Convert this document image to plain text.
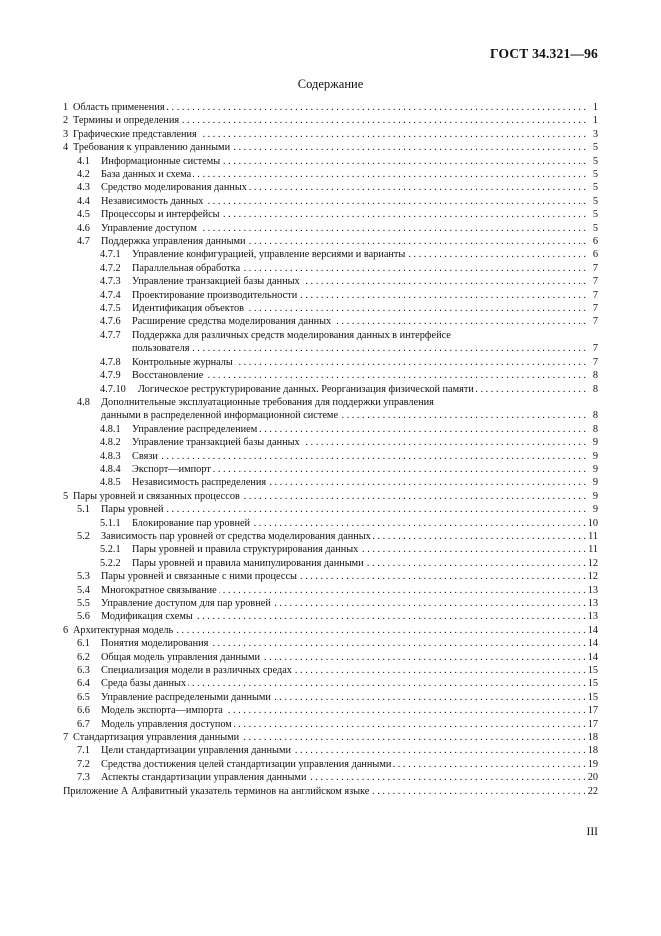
ГОСТ 34.321—96
Содержание
1 Область применения . . .	1
2 Термины и определения . . .	1
3 Графические представления . . .	3
4 Требования к управлению данными . . .	5
4.1	Информационные системы . . .	5
4.2	База данных и схема . . .	5
4.3	Средство моделирования данных . . .	5
4.4	Независимость данных . . .	5
4.5	Процессоры и интерфейсы . . .	5
4.6	Управление доступом . . .	5
4.7	Поддержка управления данными . . .	6
4.7.1	Управление конфигурацией, управление версиями и варианты . . .	6
4.7.2	Параллельная обработка . . .	7
4.7.3	Управление транзакцией базы данных . . .	7
4.7.4	Проектирование производительности . . .	7
4.7.5	Идентификация объектов . . .	7
4.7.6	Расширение средства моделирования данных . . .	7
4.7.7	Поддержка для различных средств моделирования данных в интерфейсе
пользователя . . .	7
4.7.8	Контрольные журналы . . .	7
4.7.9	Восстановление . . .	8
4.7.10	Логическое реструктурирование данных. Реорганизация физической памяти . . .	8
4.8	Дополнительные эксплуатационные требования для поддержки управления
данными в распределенной информационной системе . . .	8
4.8.1	Управление распределением . . .	8
4.8.2	Управление транзакцией базы данных . . .	9
4.8.3	Связи . . .	9
4.8.4	Экспорт—импорт . . .	9
4.8.5	Независимость распределения . . .	9
5 Пары уровней и связанных процессов . . .	9
5.1	Пары уровней . . .	9
5.1.1	Блокирование пар уровней . . .	10
5.2	Зависимость пар уровней от средства моделирования данных . . .	11
5.2.1	Пары уровней и правила структурирования данных . . .	11
5.2.2	Пары уровней и правила манипулирования данными . . .	12
5.3	Пары уровней и связанные с ними процессы . . .	12
5.4	Многократное связывание . . .	13
5.5	Управление доступом для пар уровней . . .	13
5.6	Модификация схемы . . .	13
6 Архитектурная модель . . .	14
6.1	Понятия моделирования . . .	14
6.2	Общая модель управления данными . . .	14
6.3	Специализация модели в различных средах . . .	15
6.4	Среда базы данных . . .	15
6.5	Управление распределеными данными . . .	15
6.6	Модель экспорта—импорта . . .	17
6.7	Модель управления доступом . . .	17
7 Стандартизация управления данными . . .	18
7.1	Цели стандартизации управления данными . . .	18
7.2	Средства достижения целей стандартизации управления данными . . .	19
7.3	Аспекты стандартизации управления данными . . .	20
Приложение А Алфавитный указатель терминов на английском языке . . .	22
III
